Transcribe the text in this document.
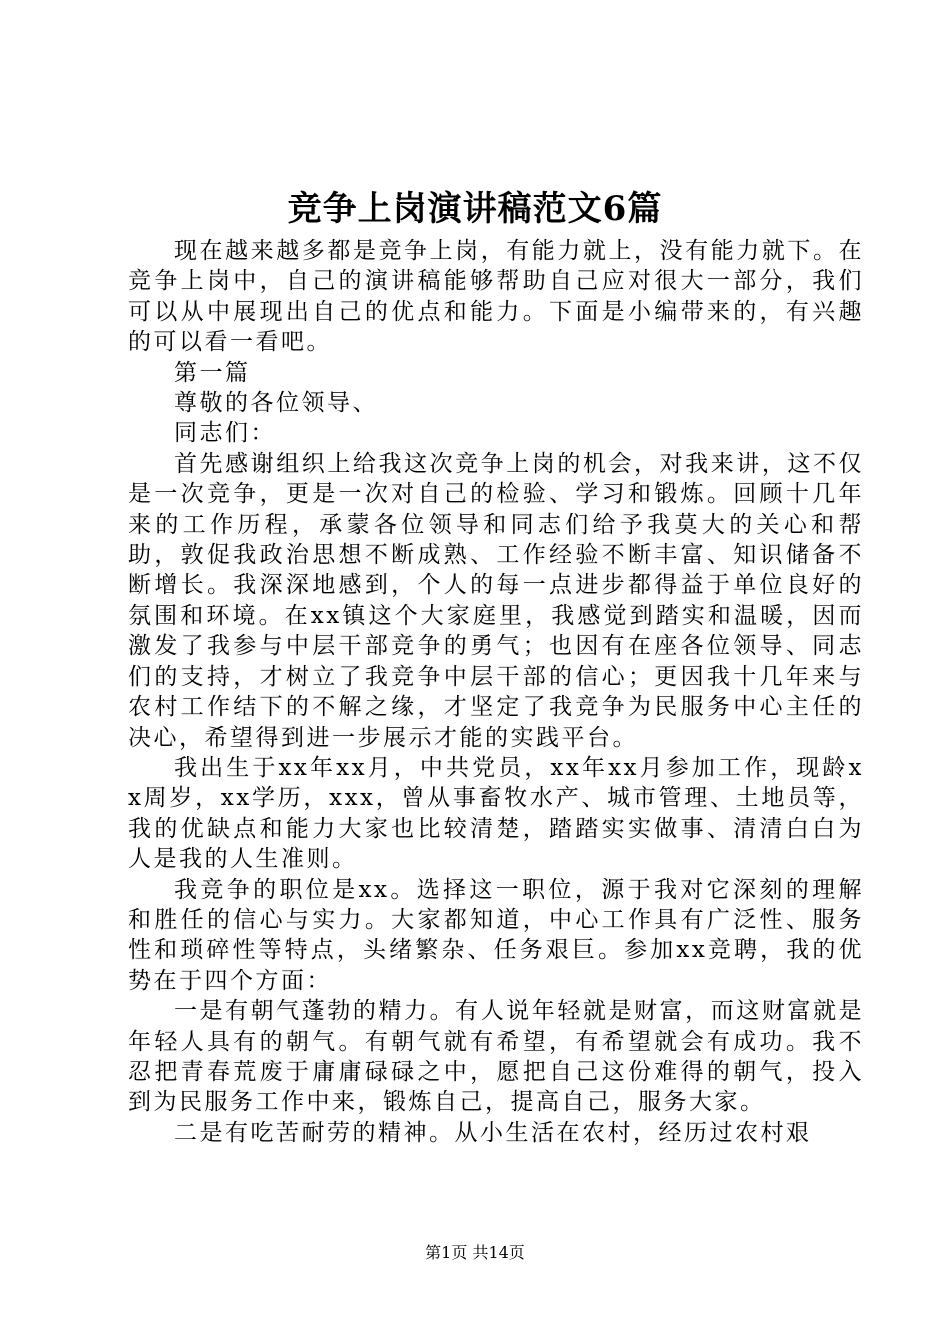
竞争上岗演讲稿范文6篇

现在越来越多都是竞争上岗，有能力就上，没有能力就下。在竞争上岗中，自己的演讲稿能够帮助自己应对很大一部分，我们可以从中展现出自己的优点和能力。下面是小编带来的，有兴趣的可以看一看吧。

第一篇

尊敬的各位领导、

同志们：

首先感谢组织上给我这次竞争上岗的机会，对我来讲，这不仅是一次竞争，更是一次对自己的检验、学习和锻炼。回顾十几年来的工作历程，承蒙各位领导和同志们给予我莫大的关心和帮助，敦促我政治思想不断成熟、工作经验不断丰富、知识储备不断增长。我深深地感到，个人的每一点进步都得益于单位良好的氛围和环境。在xx镇这个大家庭里，我感觉到踏实和温暖，因而激发了我参与中层干部竞争的勇气；也因有在座各位领导、同志们的支持，才树立了我竞争中层干部的信心；更因我十几年来与农村工作结下的不解之缘，才坚定了我竞争为民服务中心主任的决心，希望得到进一步展示才能的实践平台。

我出生于xx年xx月，中共党员，xx年xx月参加工作，现龄xx周岁，xx学历，xxx，曾从事畜牧水产、城市管理、土地员等，我的优缺点和能力大家也比较清楚，踏踏实实做事、清清白白为人是我的人生准则。

我竞争的职位是xx。选择这一职位，源于我对它深刻的理解和胜任的信心与实力。大家都知道，中心工作具有广泛性、服务性和琐碎性等特点，头绪繁杂、任务艰巨。参加xx竞聘，我的优势在于四个方面：

一是有朝气蓬勃的精力。有人说年轻就是财富，而这财富就是年轻人具有的朝气。有朝气就有希望，有希望就会有成功。我不忍把青春荒废于庸庸碌碌之中，愿把自己这份难得的朝气，投入到为民服务工作中来，锻炼自己，提高自己，服务大家。

二是有吃苦耐劳的精神。从小生活在农村，经历过农村艰

第1页 共14页
